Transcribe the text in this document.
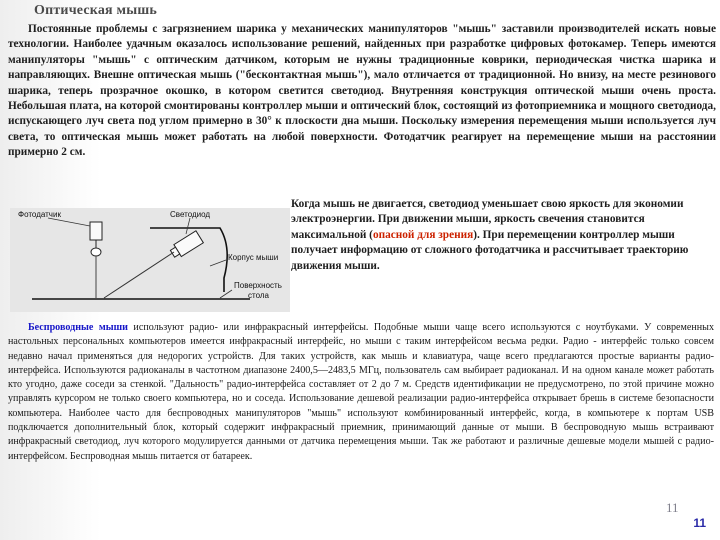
Оптическая мышь

Постоянные проблемы с загрязнением шарика у механических манипуляторов "мышь" заставили производителей искать новые технологии. Наиболее удачным оказалось использование решений, найденных при разработке цифровых фотокамер. Теперь имеются манипуляторы "мышь" с оптическим датчиком, которым не нужны традиционные коврики, периодическая чистка шарика и направляющих. Внешне оптическая мышь ("бесконтактная мышь"), мало отличается от традиционной. Но внизу, на месте резинового шарика, теперь прозрачное окошко, в котором светится светодиод. Внутренняя конструкция оптической мыши очень проста. Небольшая плата, на которой смонтированы контроллер мыши и оптический блок, состоящий из фотоприемника и мощного светодиода, испускающего луч света под углом примерно в 30° к плоскости дна мыши. Поскольку измерения перемещения мыши используется луч света, то оптическая мышь может работать на любой поверхности. Фотодатчик реагирует на перемещение мыши на расстоянии примерно 2 см.

Фотодатчик	Светодиод
Корпус мыши
Поверхность
стола

Когда мышь не двигается, светодиод уменьшает свою яркость для экономии электроэнергии. При движении мыши, яркость свечения становится максимальной (опасной для зрения). При перемещении контроллер мыши получает информацию от сложного фотодатчика и рассчитывает траекторию движения мыши.

Беспроводные мыши используют радио- или инфракрасный интерфейсы. Подобные мыши чаще всего используются с ноутбуками. У современных настольных персональных компьютеров имеется инфракрасный интерфейс, но мыши с таким интерфейсом весьма редки. Радио - интерфейс только совсем недавно начал применяться для недорогих устройств. Для таких устройств, как мышь и клавиатура, чаще всего предлагаются простые варианты радио-интерфейса. Используются радиоканалы в частотном диапазоне 2400,5—2483,5 МГц, пользователь сам выбирает радиоканал. И на одном канале может работать кто угодно, даже соседи за стенкой. "Дальность" радио-интерфейса составляет от 2 до 7 м. Средств идентификации не предусмотрено, по этой причине можно управлять курсором не только своего компьютера, но и соседа. Использование дешевой реализации радио-интерфейса открывает брешь в системе безопасности компьютера. Наиболее часто для беспроводных манипуляторов "мышь" используют комбинированный интерфейс, когда, в компьютере к портам USB подключается дополнительный блок, который содержит инфракрасный приемник, принимающий данные от мыши. В беспроводную мышь встраивают инфракрасный светодиод, луч которого модулируется данными от датчика перемещения мыши. Так же работают и различные дешевые модели мышей с радио-интерфейсом. Беспроводная мышь питается от батареек.

11
11
